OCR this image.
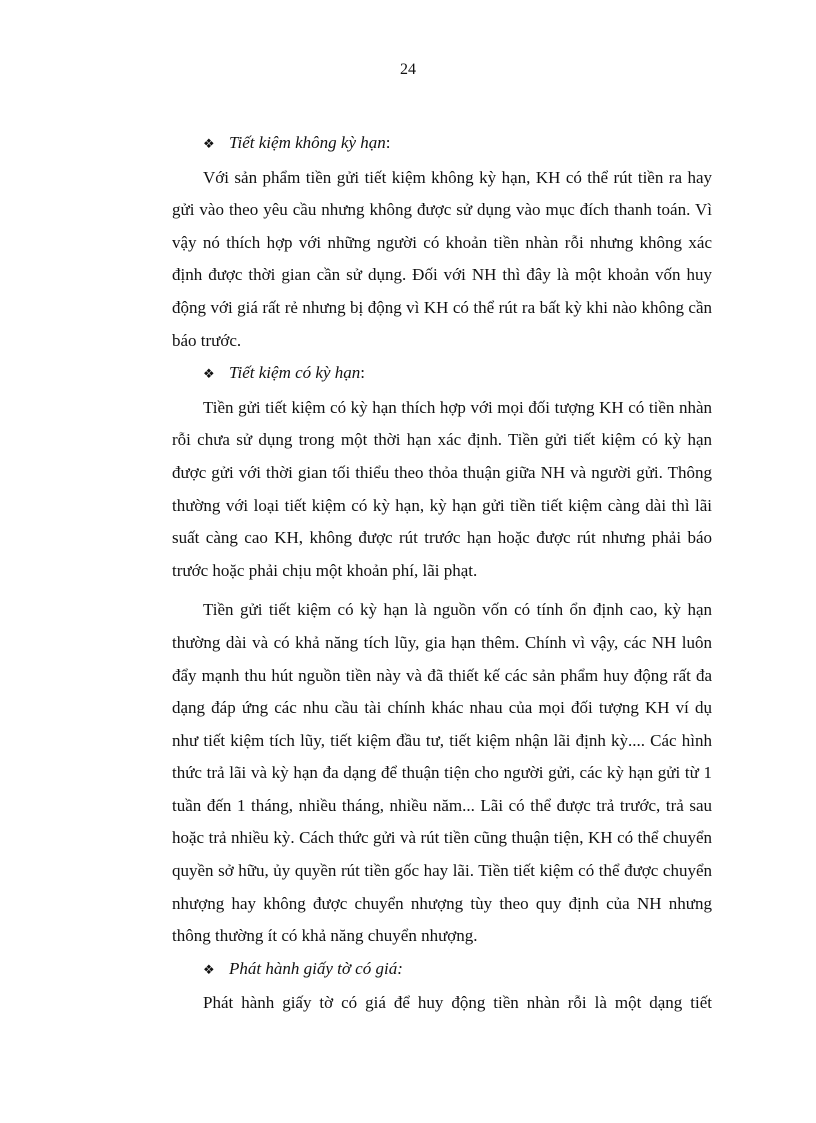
24
❖ Tiết kiệm không kỳ hạn:

Với sản phẩm tiền gửi tiết kiệm không kỳ hạn, KH có thể rút tiền ra hay gửi vào theo yêu cầu nhưng không được sử dụng vào mục đích thanh toán. Vì vậy nó thích hợp với những người có khoản tiền nhàn rỗi nhưng không xác định được thời gian cần sử dụng. Đối với NH thì đây là một khoản vốn huy động với giá rất rẻ nhưng bị động vì KH có thể rút ra bất kỳ khi nào không cần báo trước.

❖ Tiết kiệm có kỳ hạn:

Tiền gửi tiết kiệm có kỳ hạn thích hợp với mọi đối tượng KH có tiền nhàn rỗi chưa sử dụng trong một thời hạn xác định. Tiền gửi tiết kiệm có kỳ hạn được gửi với thời gian tối thiểu theo thỏa thuận giữa NH và người gửi. Thông thường với loại tiết kiệm có kỳ hạn, kỳ hạn gửi tiền tiết kiệm càng dài thì lãi suất càng cao KH, không được rút trước hạn hoặc được rút nhưng phải báo trước hoặc phải chịu một khoản phí, lãi phạt.

Tiền gửi tiết kiệm có kỳ hạn là nguồn vốn có tính ổn định cao, kỳ hạn thường dài và có khả năng tích lũy, gia hạn thêm. Chính vì vậy, các NH luôn đẩy mạnh thu hút nguồn tiền này và đã thiết kế các sản phẩm huy động rất đa dạng đáp ứng các nhu cầu tài chính khác nhau của mọi đối tượng KH ví dụ như tiết kiệm tích lũy, tiết kiệm đầu tư, tiết kiệm nhận lãi định kỳ.... Các hình thức trả lãi và kỳ hạn đa dạng để thuận tiện cho người gửi, các kỳ hạn gửi từ 1 tuần đến 1 tháng, nhiều tháng, nhiều năm... Lãi có thể được trả trước, trả sau hoặc trả nhiều kỳ. Cách thức gửi và rút tiền cũng thuận tiện, KH có thể chuyển quyền sở hữu, ủy quyền rút tiền gốc hay lãi. Tiền tiết kiệm có thể được chuyển nhượng hay không được chuyển nhượng tùy theo quy định của NH nhưng thông thường ít có khả năng chuyển nhượng.

❖ Phát hành giấy tờ có giá:

Phát hành giấy tờ có giá để huy động tiền nhàn rỗi là một dạng tiết
